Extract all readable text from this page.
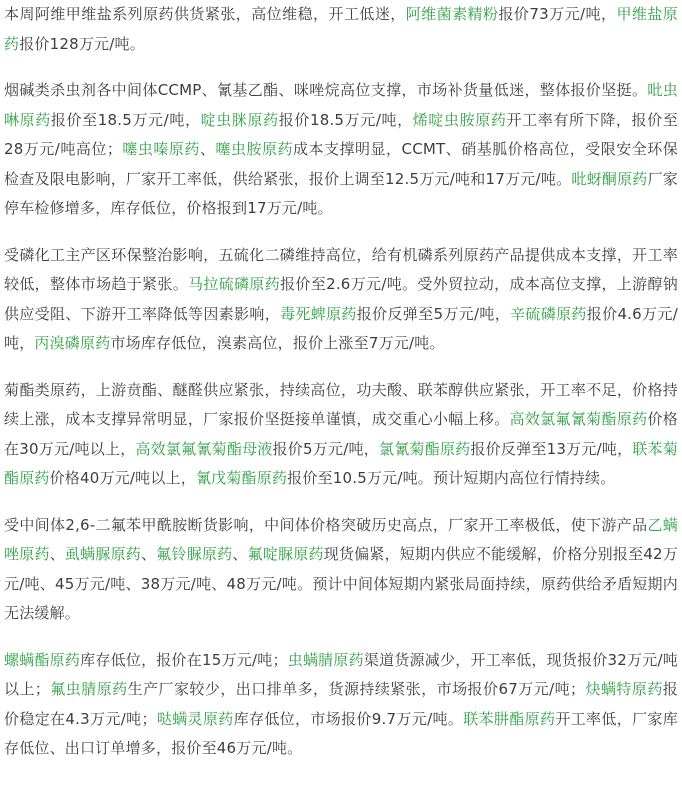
本周阿维甲维盐系列原药供货紧张，高位维稳，开工低迷，阿维菌素精粉报价73万元/吨，甲维盐原药报价128万元/吨。

烟碱类杀虫剂各中间体CCMP、氰基乙酯、咪唑烷高位支撑，市场补货量低迷，整体报价坚挺。吡虫啉原药报价至18.5万元/吨，啶虫脒原药报价18.5万元/吨，烯啶虫胺原药开工率有所下降，报价至28万元/吨高位；噻虫嗪原药、噻虫胺原药成本支撑明显，CCMT、硝基胍价格高位，受限安全环保检查及限电影响，厂家开工率低，供给紧张，报价上调至12.5万元/吨和17万元/吨。吡蚜酮原药厂家停车检修增多，库存低位，价格报到17万元/吨。

受磷化工主产区环保整治影响，五硫化二磷维持高位，给有机磷系列原药产品提供成本支撑，开工率较低，整体市场趋于紧张。马拉硫磷原药报价至2.6万元/吨。受外贸拉动，成本高位支撑，上游醇钠供应受阻、下游开工率降低等因素影响，毒死蜱原药报价反弹至5万元/吨，辛硫磷原药报价4.6万元/吨，丙溴磷原药市场库存低位，溴素高位，报价上涨至7万元/吨。

菊酯类原药，上游贲酯、醚醛供应紧张，持续高位，功夫酸、联苯醇供应紧张，开工率不足，价格持续上涨，成本支撑异常明显，厂家报价坚挺接单谨慎，成交重心小幅上移。高效氯氟氰菊酯原药价格在30万元/吨以上，高效氯氟氰菊酯母液报价5万元/吨，氯氰菊酯原药报价反弹至13万元/吨，联苯菊酯原药价格40万元/吨以上，氰戊菊酯原药报价至10.5万元/吨。预计短期内高位行情持续。

受中间体2,6-二氟苯甲酰胺断货影响，中间体价格突破历史高点，厂家开工率极低，使下游产品乙螨唑原药、虱螨脲原药、氟铃脲原药、氟啶脲原药现货偏紧，短期内供应不能缓解，价格分别报至42万元/吨、45万元/吨、38万元/吨、48万元/吨。预计中间体短期内紧张局面持续，原药供给矛盾短期内无法缓解。

螺螨酯原药库存低位，报价在15万元/吨；虫螨腈原药渠道货源减少，开工率低，现货报价32万元/吨以上；氟虫腈原药生产厂家较少，出口排单多，货源持续紧张，市场报价67万元/吨；炔螨特原药报价稳定在4.3万元/吨；哒螨灵原药库存低位，市场报价9.7万元/吨。联苯肼酯原药开工率低，厂家库存低位、出口订单增多，报价至46万元/吨。
